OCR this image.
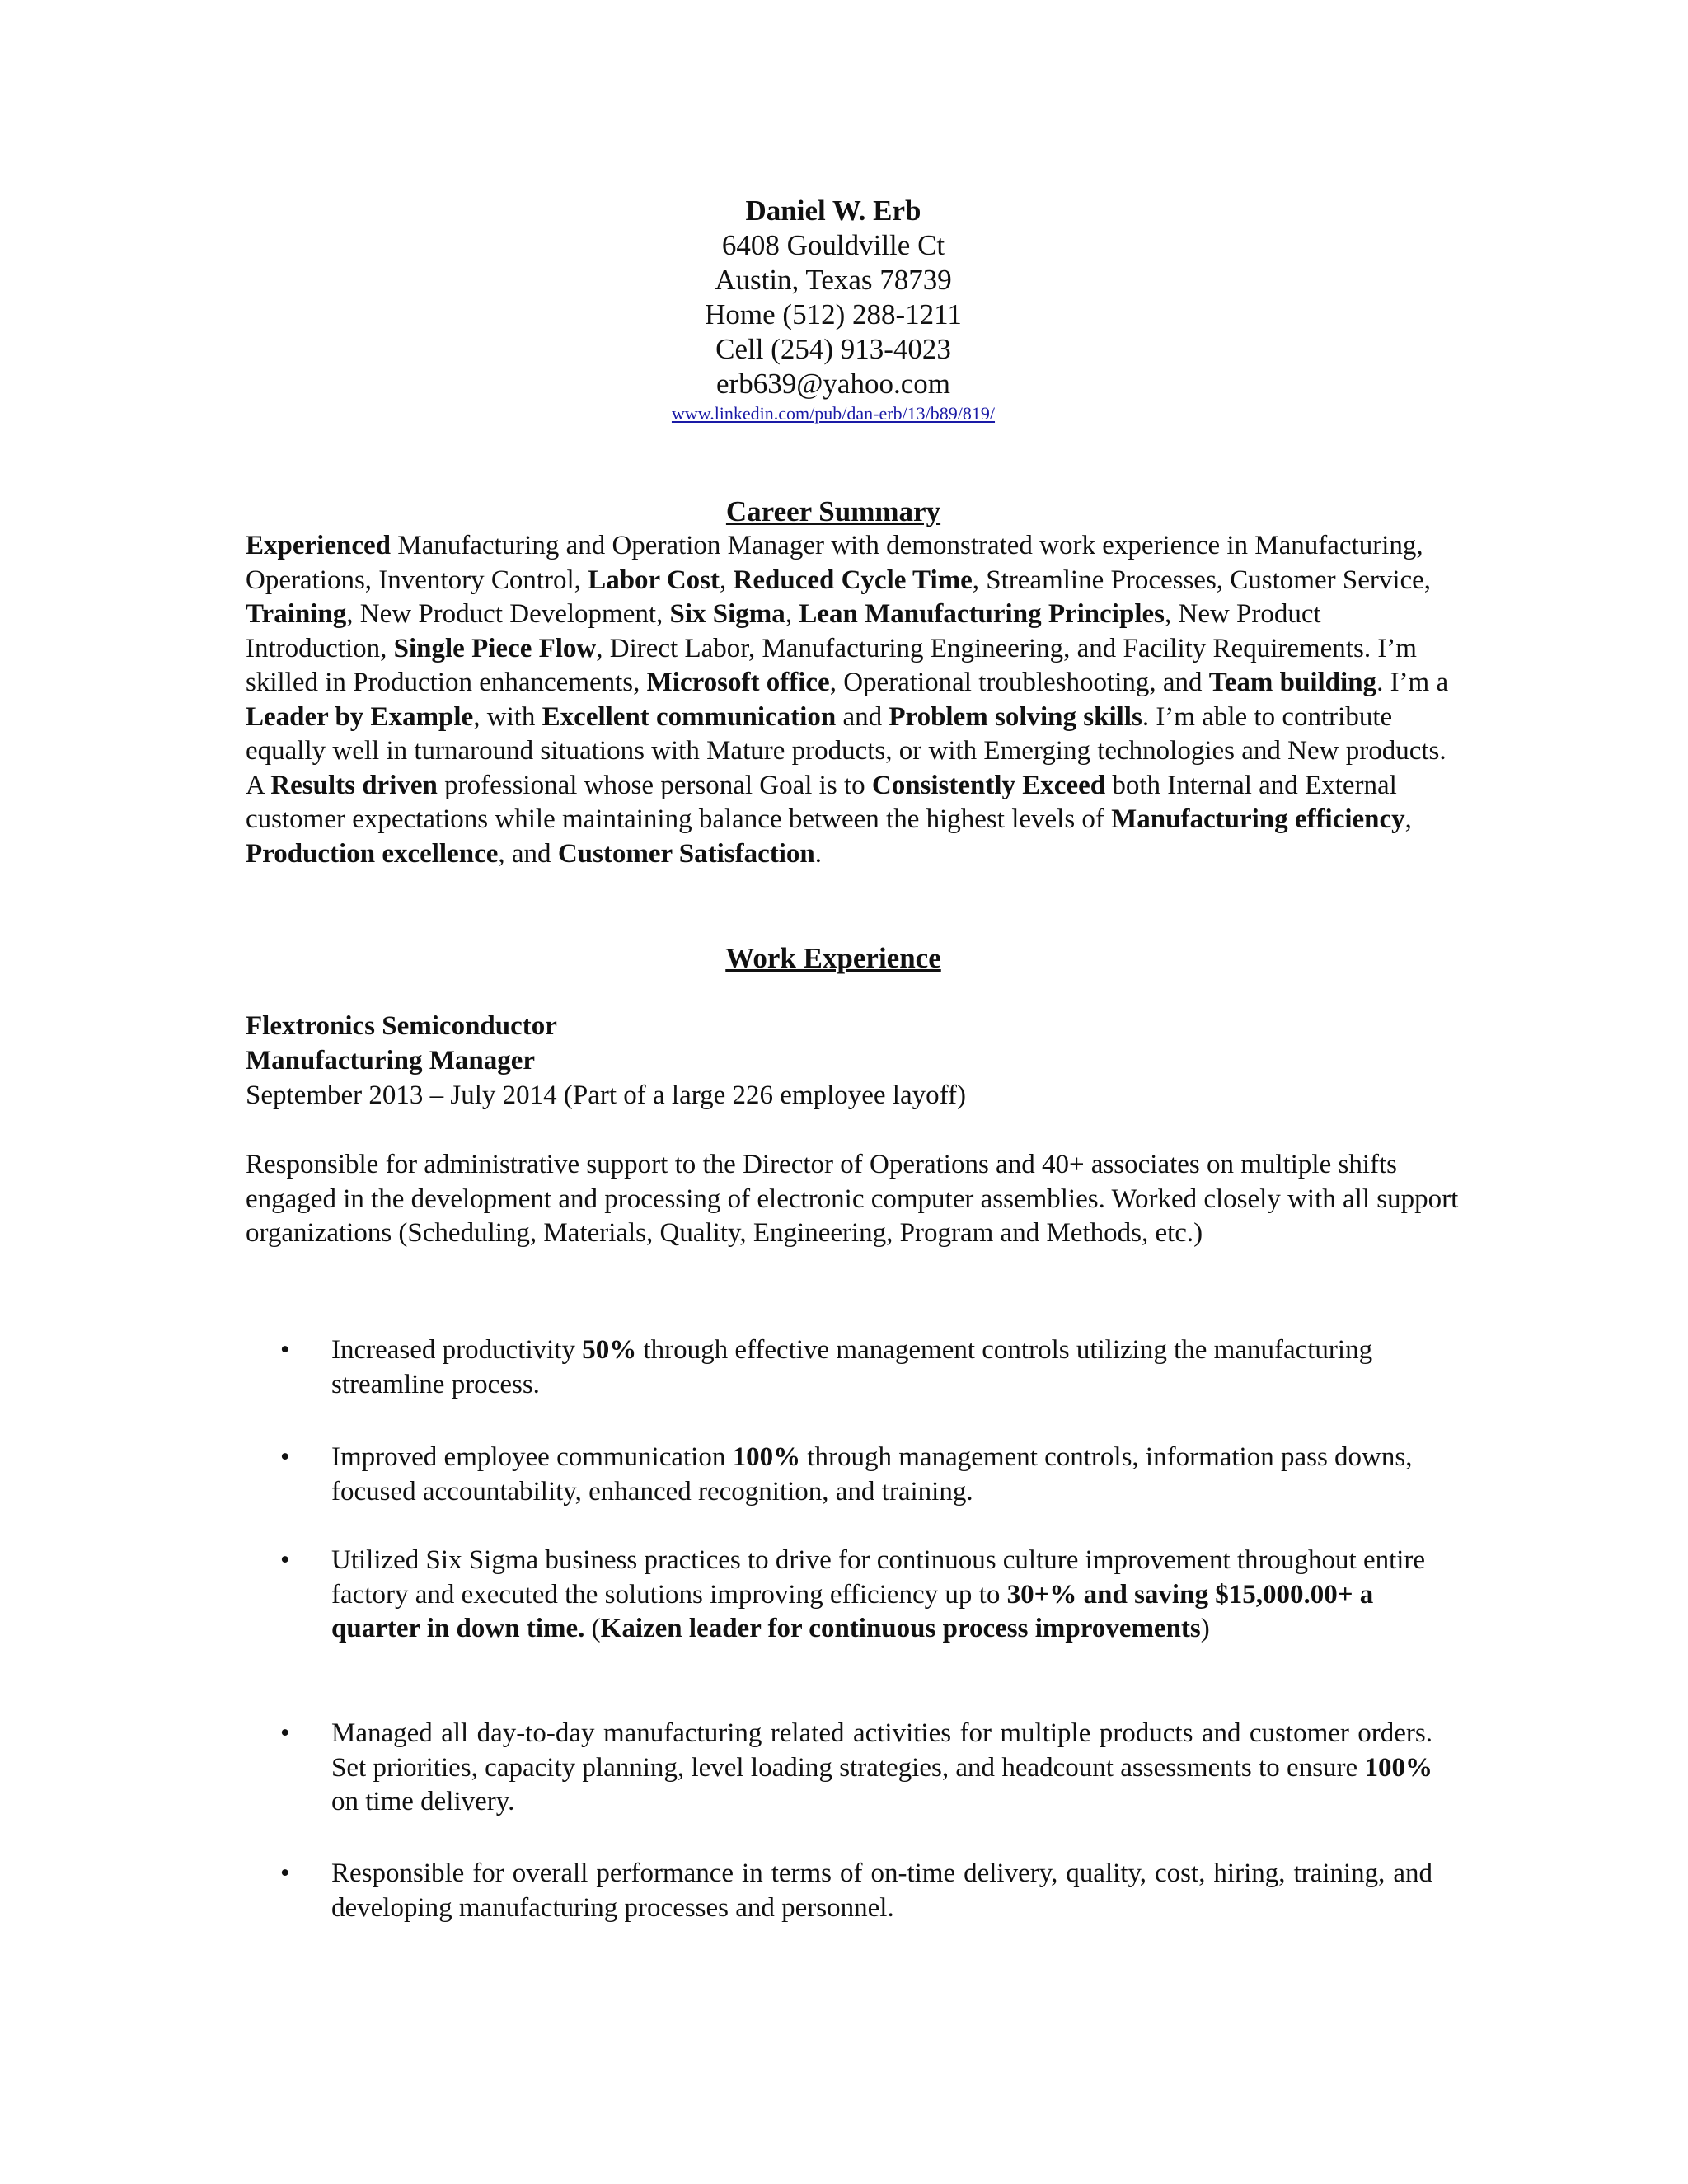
Daniel W. Erb
6408 Gouldville Ct
Austin, Texas 78739
Home (512) 288-1211
Cell (254) 913-4023
erb639@yahoo.com
www.linkedin.com/pub/dan-erb/13/b89/819/
Career Summary
Experienced Manufacturing and Operation Manager with demonstrated work experience in Manufacturing, Operations, Inventory Control, Labor Cost, Reduced Cycle Time, Streamline Processes, Customer Service, Training, New Product Development, Six Sigma, Lean Manufacturing Principles, New Product Introduction, Single Piece Flow, Direct Labor, Manufacturing Engineering, and Facility Requirements. I’m skilled in Production enhancements, Microsoft office, Operational troubleshooting, and Team building. I’m a Leader by Example, with Excellent communication and Problem solving skills. I’m able to contribute equally well in turnaround situations with Mature products, or with Emerging technologies and New products. A Results driven professional whose personal Goal is to Consistently Exceed both Internal and External customer expectations while maintaining balance between the highest levels of Manufacturing efficiency, Production excellence, and Customer Satisfaction.
Work Experience
Flextronics Semiconductor
Manufacturing Manager
September 2013 – July 2014 (Part of a large 226 employee layoff)
Responsible for administrative support to the Director of Operations and 40+ associates on multiple shifts engaged in the development and processing of electronic computer assemblies. Worked closely with all support organizations (Scheduling, Materials, Quality, Engineering, Program and Methods, etc.)
• Increased productivity 50% through effective management controls utilizing the manufacturing streamline process.
• Improved employee communication 100% through management controls, information pass downs, focused accountability, enhanced recognition, and training.
• Utilized Six Sigma business practices to drive for continuous culture improvement throughout entire factory and executed the solutions improving efficiency up to 30+% and saving $15,000.00+ a quarter in down time. (Kaizen leader for continuous process improvements)
• Managed all day-to-day manufacturing related activities for multiple products and customer orders. Set priorities, capacity planning, level loading strategies, and headcount assessments to ensure 100% on time delivery.
• Responsible for overall performance in terms of on-time delivery, quality, cost, hiring, training, and developing manufacturing processes and personnel.
